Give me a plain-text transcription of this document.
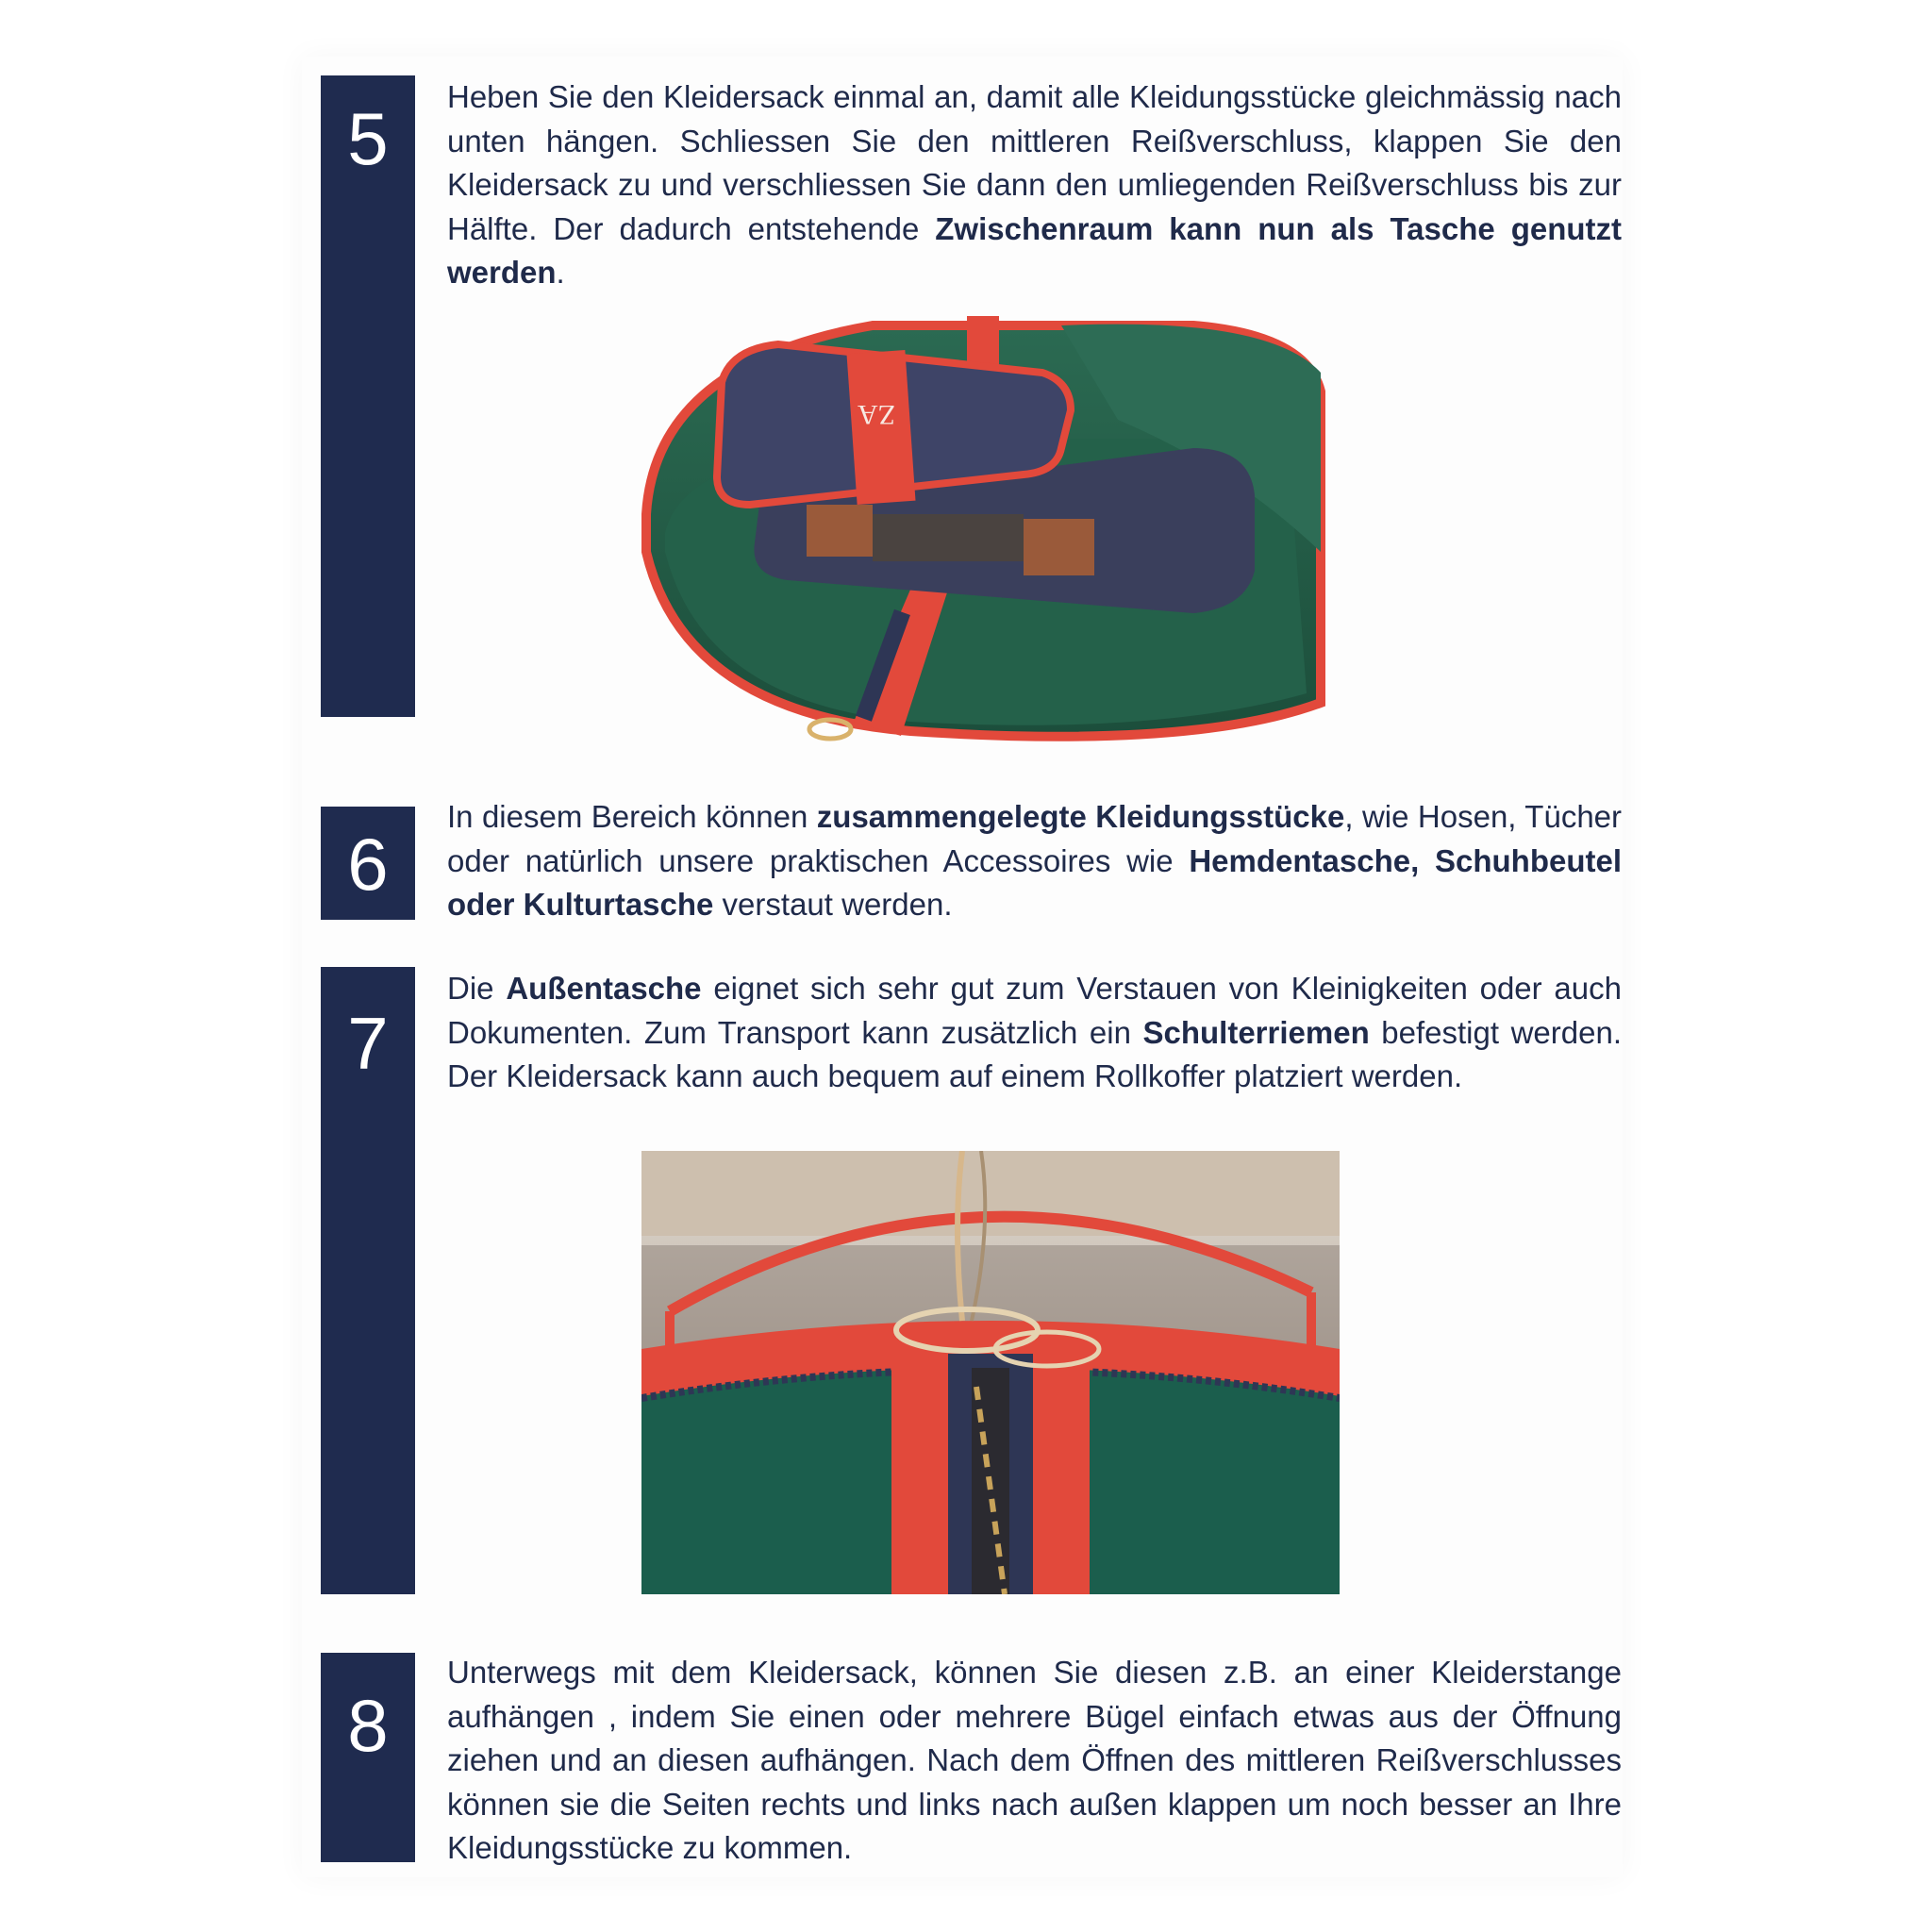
5

Heben Sie den Kleidersack einmal an, damit alle Kleidungsstücke gleichmässig nach unten hängen. Schliessen Sie den mittleren Reißverschluss, klappen Sie den Kleidersack zu und verschliessen Sie dann den umliegenden Reißverschluss bis zur Hälfte. Der dadurch entstehende Zwischenraum kann nun als Tasche genutzt werden.

ZA
6

In diesem Bereich können zusammengelegte Kleidungsstücke, wie Hosen, Tücher oder natürlich unsere praktischen Accessoires wie Hemdentasche, Schuhbeutel oder Kulturtasche verstaut werden.

7

Die Außentasche eignet sich sehr gut zum Verstauen von Kleinigkeiten oder auch Dokumenten. Zum Transport kann zusätzlich ein Schulterriemen befestigt werden. Der Kleidersack kann auch bequem auf einem Rollkoffer platziert werden.

8

Unterwegs mit dem Kleidersack, können Sie diesen z.B. an einer Kleiderstange aufhängen , indem Sie einen oder mehrere Bügel einfach etwas aus der Öffnung ziehen und an diesen aufhängen. Nach dem Öffnen des mittleren Reißverschlusses können sie die Seiten rechts und links nach außen klappen um noch besser an Ihre Kleidungsstücke zu kommen.
